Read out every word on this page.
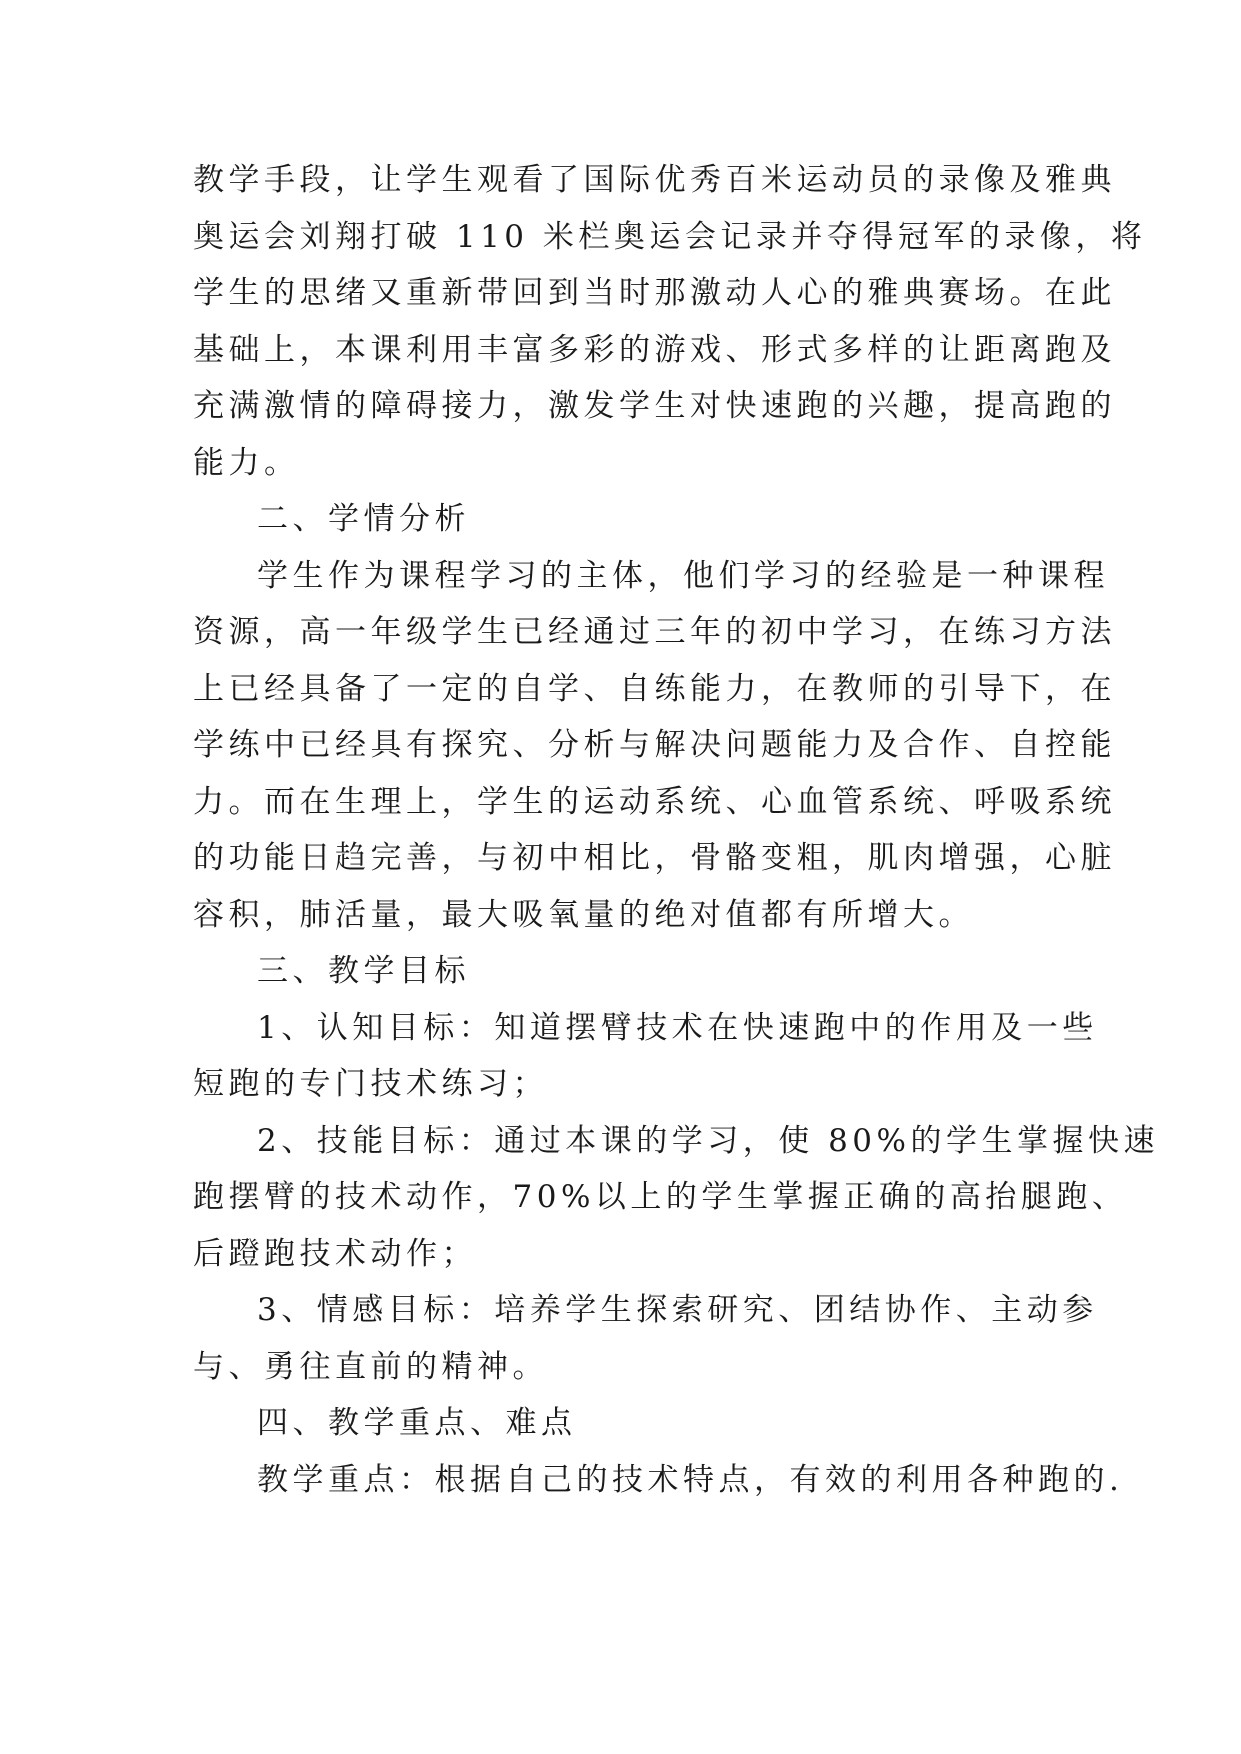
教学手段，让学生观看了国际优秀百米运动员的录像及雅典
奥运会刘翔打破 110 米栏奥运会记录并夺得冠军的录像，将
学生的思绪又重新带回到当时那激动人心的雅典赛场。在此
基础上，本课利用丰富多彩的游戏、形式多样的让距离跑及
充满激情的障碍接力，激发学生对快速跑的兴趣，提高跑的
能力。
二、学情分析
学生作为课程学习的主体，他们学习的经验是一种课程
资源，高一年级学生已经通过三年的初中学习，在练习方法
上已经具备了一定的自学、自练能力，在教师的引导下，在
学练中已经具有探究、分析与解决问题能力及合作、自控能
力。而在生理上，学生的运动系统、心血管系统、呼吸系统
的功能日趋完善，与初中相比，骨骼变粗，肌肉增强，心脏
容积，肺活量，最大吸氧量的绝对值都有所增大。
三、教学目标
1、认知目标：知道摆臂技术在快速跑中的作用及一些
短跑的专门技术练习；
2、技能目标：通过本课的学习，使 80%的学生掌握快速
跑摆臂的技术动作，70%以上的学生掌握正确的高抬腿跑、
后蹬跑技术动作；
3、情感目标：培养学生探索研究、团结协作、主动参
与、勇往直前的精神。
四、教学重点、难点
教学重点：根据自己的技术特点，有效的利用各种跑的.
